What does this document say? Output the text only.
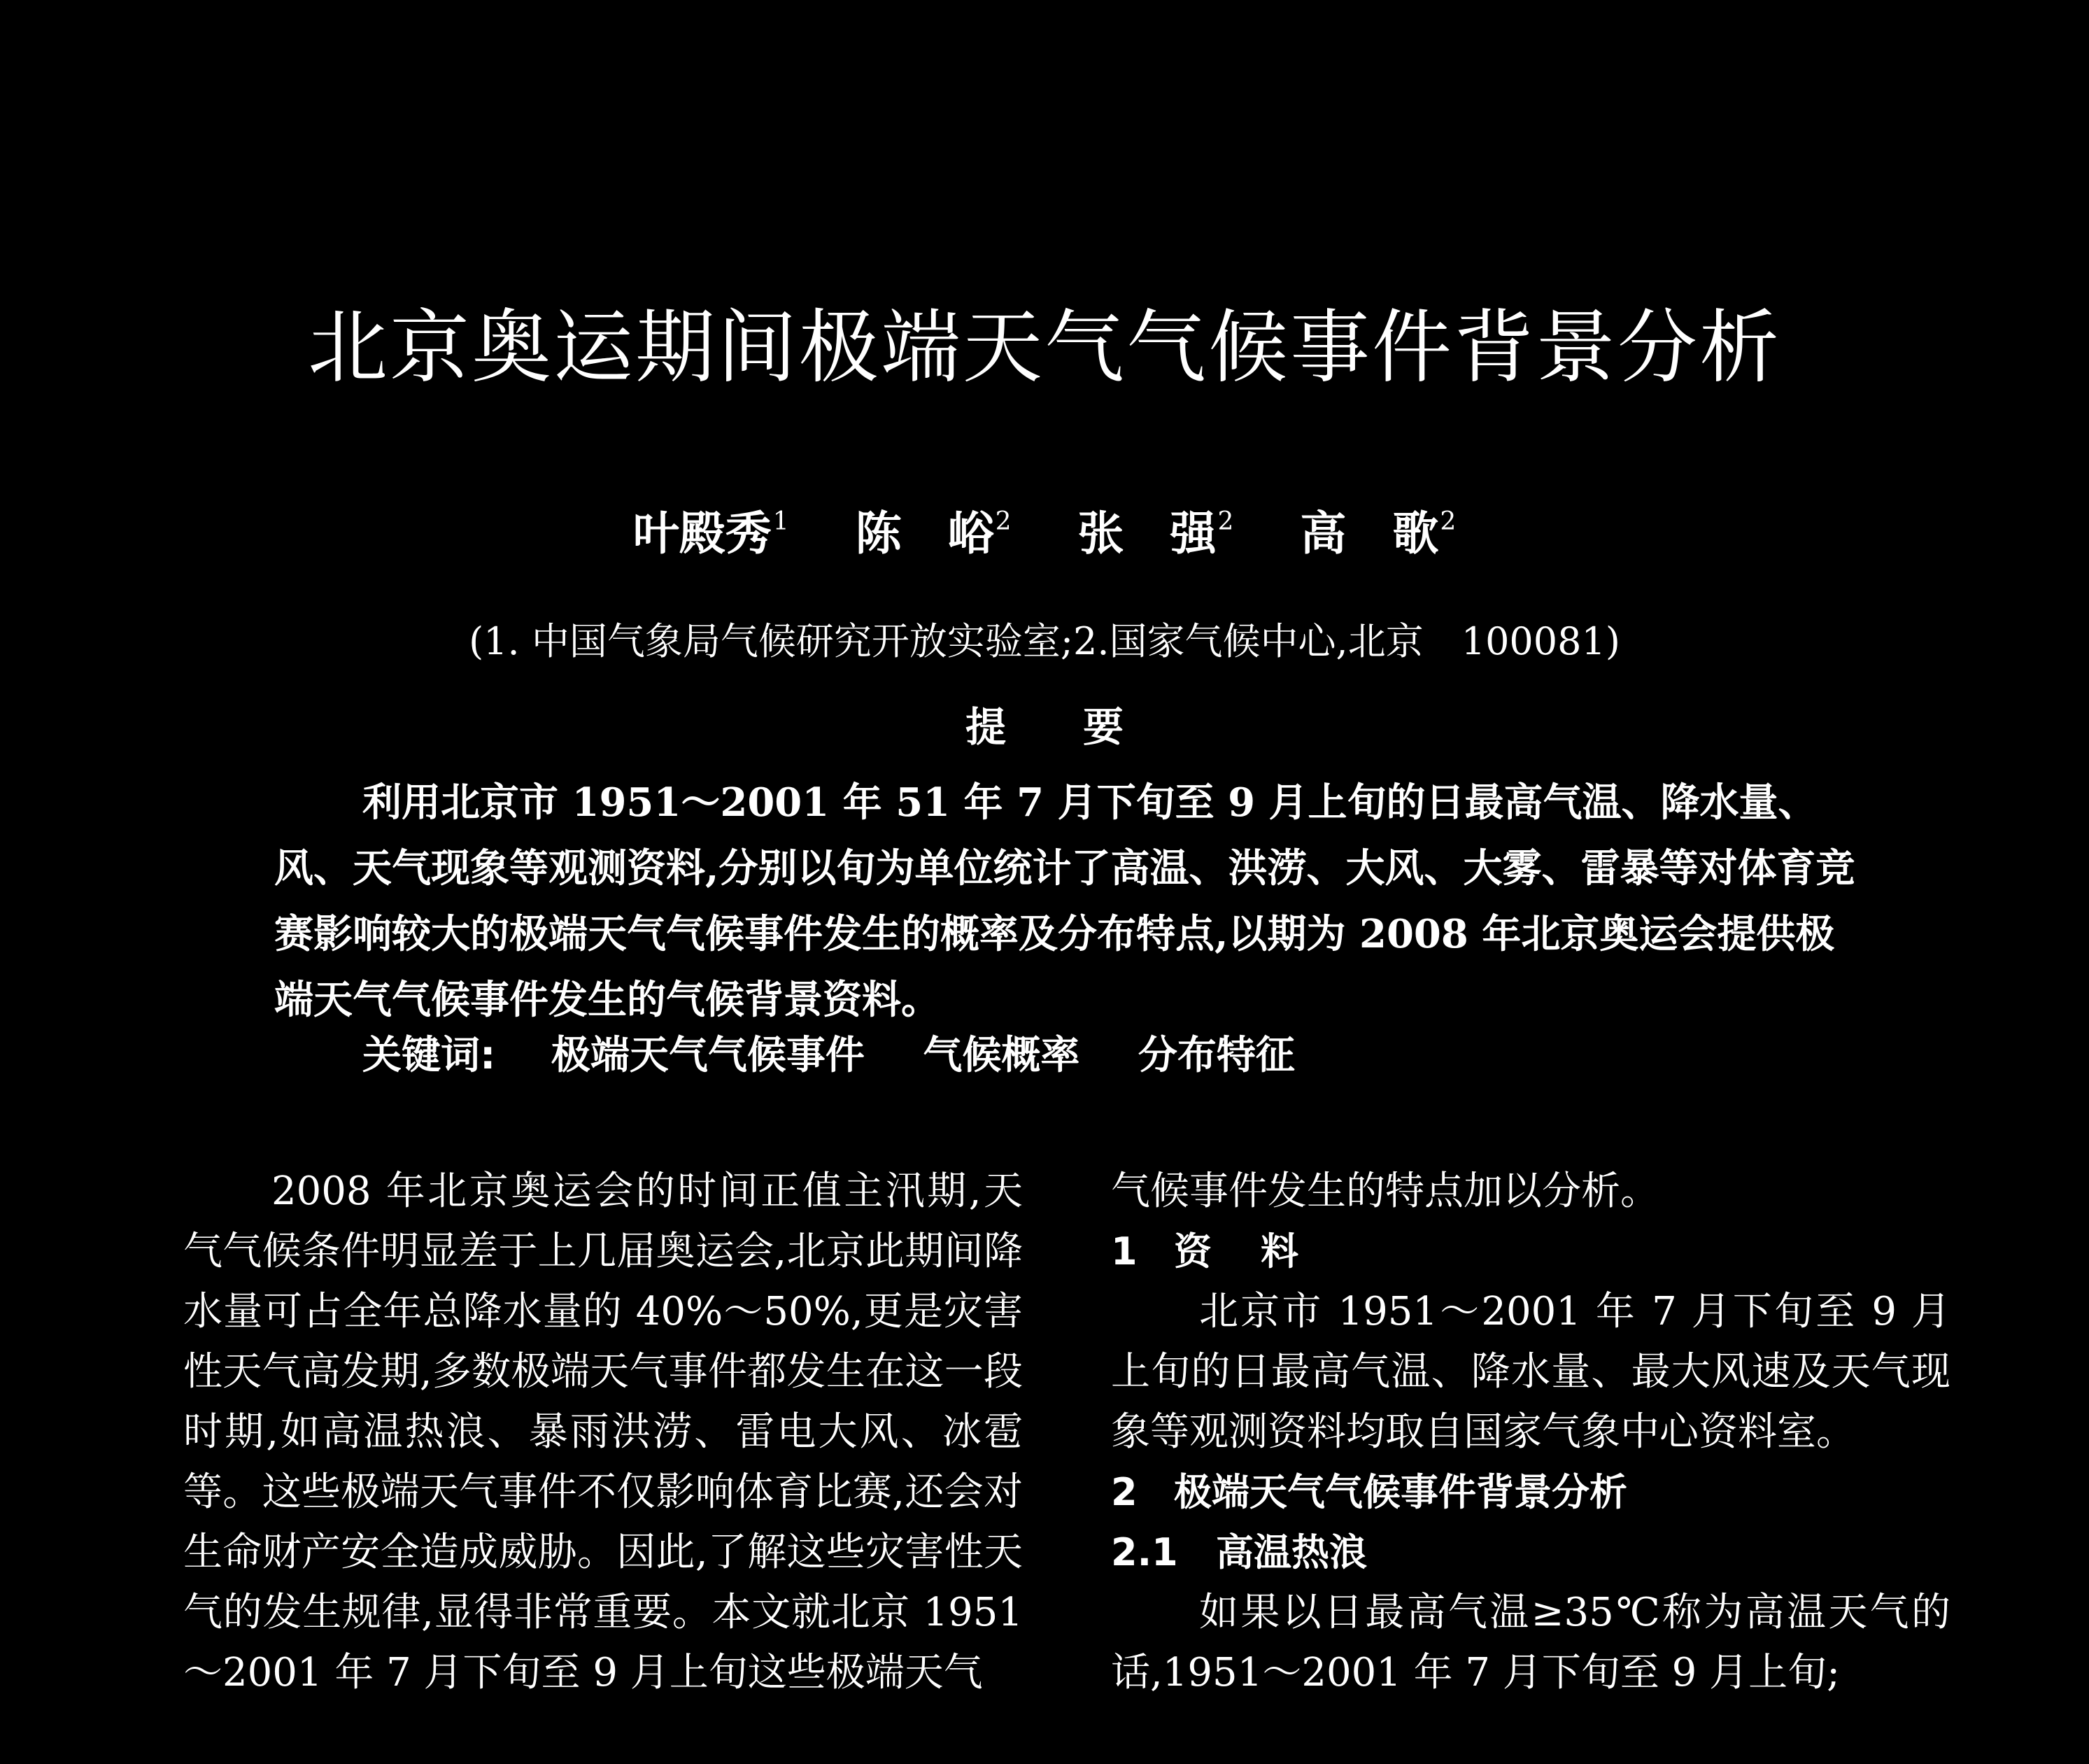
北京奥运期间极端天气气候事件背景分析
叶殿秀$^1$ 陈　峪$^2$ 张　强$^2$ 高　歌$^2$
(1. 中国气象局气候研究开放实验室;2.国家气候中心,北京　100081)
提要
利用北京市 1951～2001 年 51 年 7 月下旬至 9 月上旬的日最高气温、降水量、风、天气现象等观测资料,分别以旬为单位统计了高温、洪涝、大风、大雾、雷暴等对体育竞赛影响较大的极端天气气候事件发生的概率及分布特点,以期为 2008 年北京奥运会提供极端天气气候事件发生的气候背景资料。
关键词: 极端天气气候事件 气候概率 分布特征
2008 年北京奥运会的时间正值主汛期,天气气候条件明显差于上几届奥运会,北京此期间降水量可占全年总降水量的 40%～50%,更是灾害性天气高发期,多数极端天气事件都发生在这一段时期,如高温热浪、暴雨洪涝、雷电大风、冰雹等。这些极端天气事件不仅影响体育比赛,还会对生命财产安全造成威胁。因此,了解这些灾害性天气的发生规律,显得非常重要。本文就北京 1951～2001 年 7 月下旬至 9 月上旬这些极端天气
气候事件发生的特点加以分析。
1 资料
北京市 1951～2001 年 7 月下旬至 9 月上旬的日最高气温、降水量、最大风速及天气现象等观测资料均取自国家气象中心资料室。
2 极端天气气候事件背景分析
2.1 高温热浪
如果以日最高气温≥35℃称为高温天气的话,1951～2001 年 7 月下旬至 9 月上旬;
